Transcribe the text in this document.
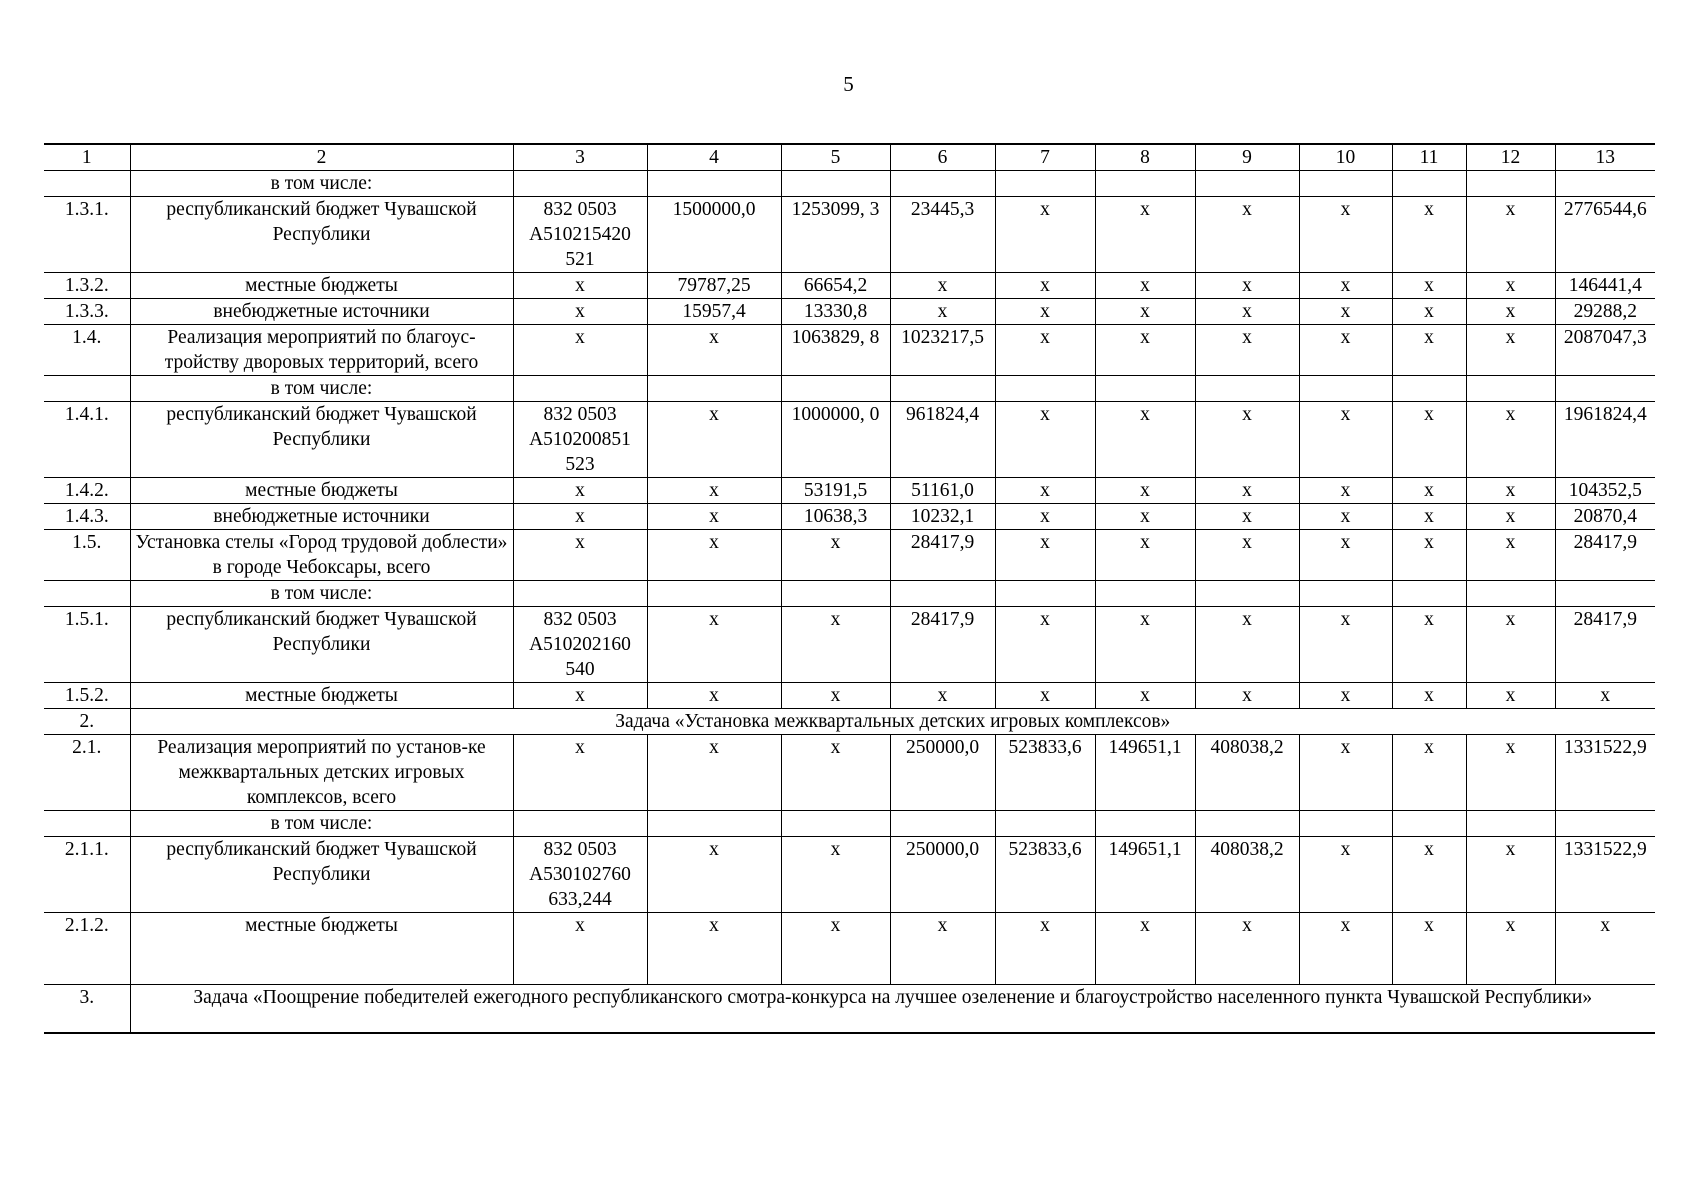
5
1	2	3	4	5	6	7	8	9	10	11	12	13
	в том числе:											
1.3.1.	республиканский бюджет Чувашской Республики	832 0503 А510215420 521	1500000,0	1253099, 3	23445,3	х	х	х	х	х	х	2776544,6
1.3.2.	местные бюджеты	х	79787,25	66654,2	х	х	х	х	х	х	х	146441,4
1.3.3.	внебюджетные источники	х	15957,4	13330,8	х	х	х	х	х	х	х	29288,2
1.4.	Реализация мероприятий по благоус-тройству дворовых территорий, всего	х	х	1063829, 8	1023217,5	х	х	х	х	х	х	2087047,3
	в том числе:											
1.4.1.	республиканский бюджет Чувашской Республики	832 0503 А510200851 523	х	1000000, 0	961824,4	х	х	х	х	х	х	1961824,4
1.4.2.	местные бюджеты	х	х	53191,5	51161,0	х	х	х	х	х	х	104352,5
1.4.3.	внебюджетные источники	х	х	10638,3	10232,1	х	х	х	х	х	х	20870,4
1.5.	Установка стелы «Город трудовой доблести» в городе Чебоксары, всего	х	х	х	28417,9	х	х	х	х	х	х	28417,9
	в том числе:											
1.5.1.	республиканский бюджет Чувашской Республики	832 0503 А510202160 540	х	х	28417,9	х	х	х	х	х	х	28417,9
1.5.2.	местные бюджеты	х	х	х	х	х	х	х	х	х	х	х
2.	Задача «Установка межквартальных детских игровых комплексов»											
2.1.	Реализация мероприятий по установ-ке межквартальных детских игровых комплексов, всего	х	х	х	250000,0	523833,6	149651,1	408038,2	х	х	х	1331522,9
	в том числе:											
2.1.1.	республиканский бюджет Чувашской Республики	832 0503 А530102760 633,244	х	х	250000,0	523833,6	149651,1	408038,2	х	х	х	1331522,9
2.1.2.	местные бюджеты	х	х	х	х	х	х	х	х	х	х	х
3.	Задача «Поощрение победителей ежегодного республиканского смотра-конкурса на лучшее озеленение и благоустройство населенного пункта Чувашской Республики»											
